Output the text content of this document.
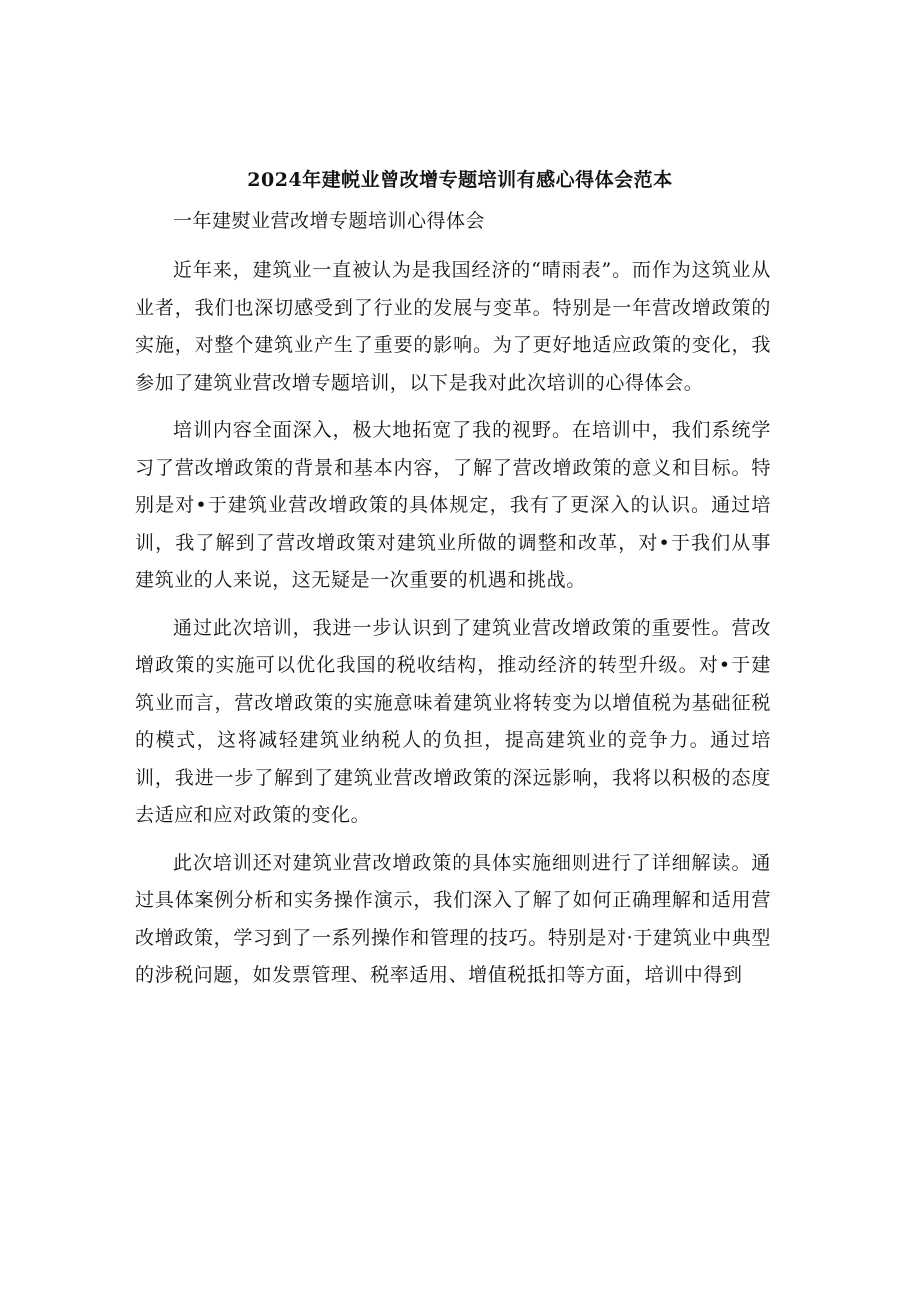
2024年建帨业曾改增专题培训有感心得体会范本
一年建熨业营改增专题培训心得体会

近年来，建筑业一直被认为是我国经济的“晴雨表”。而作为这筑业从业者，我们也深切感受到了行业的发展与变革。特别是一年营改增政策的实施，对整个建筑业产生了重要的影响。为了更好地适应政策的变化，我参加了建筑业营改增专题培训，以下是我对此次培训的心得体会。

培训内容全面深入，极大地拓宽了我的视野。在培训中，我们系统学习了营改增政策的背景和基本内容，了解了营改增政策的意义和目标。特别是对•于建筑业营改增政策的具体规定，我有了更深入的认识。通过培训，我了解到了营改增政策对建筑业所做的调整和改革，对•于我们从事建筑业的人来说，这无疑是一次重要的机遇和挑战。

通过此次培训，我进一步认识到了建筑业营改增政策的重要性。营改增政策的实施可以优化我国的税收结构，推动经济的转型升级。对•于建筑业而言，营改增政策的实施意味着建筑业将转变为以增值税为基础征税的模式，这将减轻建筑业纳税人的负担，提高建筑业的竞争力。通过培训，我进一步了解到了建筑业营改增政策的深远影响，我将以积极的态度去适应和应对政策的变化。

此次培训还对建筑业营改增政策的具体实施细则进行了详细解读。通过具体案例分析和实务操作演示，我们深入了解了如何正确理解和适用营改增政策，学习到了一系列操作和管理的技巧。特别是对·于建筑业中典型的涉税问题，如发票管理、税率适用、增值税抵扣等方面，培训中得到
